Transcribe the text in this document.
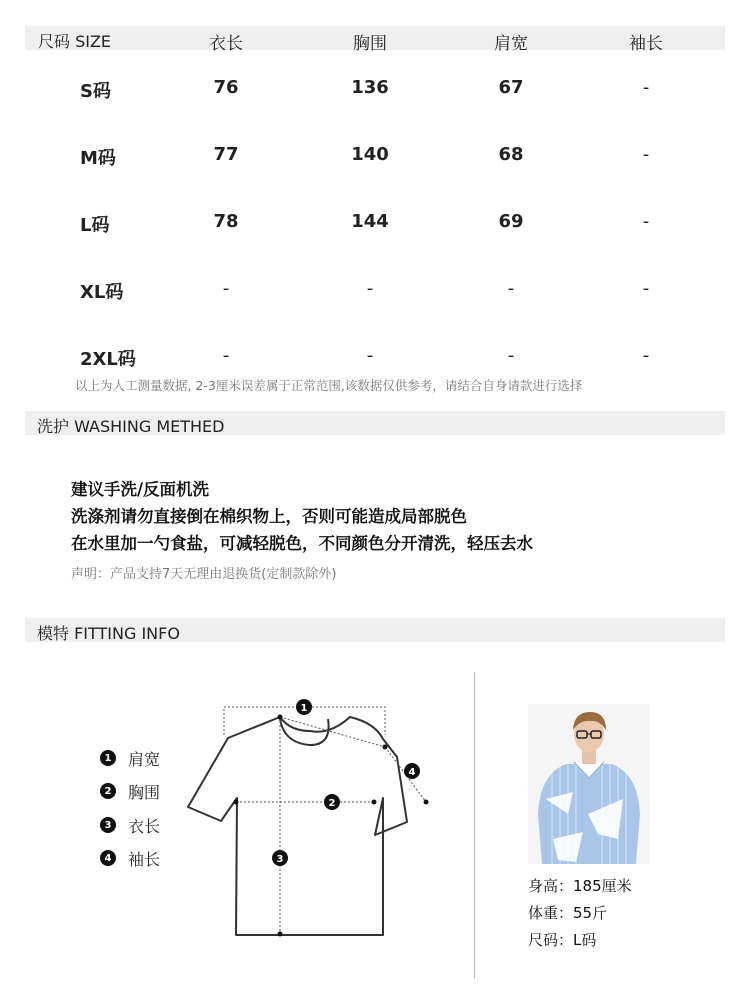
尺码 SIZE	衣长	胸围	肩宽	袖长
S码	76	136	67	-
M码	77	140	68	-
L码	78	144	69	-
XL码	-	-	-	-
2XL码	-	-	-	-
以上为人工测量数据, 2-3厘米误差属于正常范围,该数据仅供参考，请结合自身请款进行选择
洗护 WASHING METHED
建议手洗/反面机洗
洗涤剂请勿直接倒在棉织物上，否则可能造成局部脱色
在水里加一勺食盐，可减轻脱色，不同颜色分开清洗，轻压去水
声明：产品支持7天无理由退换货(定制款除外)
模特 FITTING INFO
1 肩宽
2 胸围
3 衣长
4 袖长
1
2
3
4
身高：185厘米
体重：55斤
尺码：L码
